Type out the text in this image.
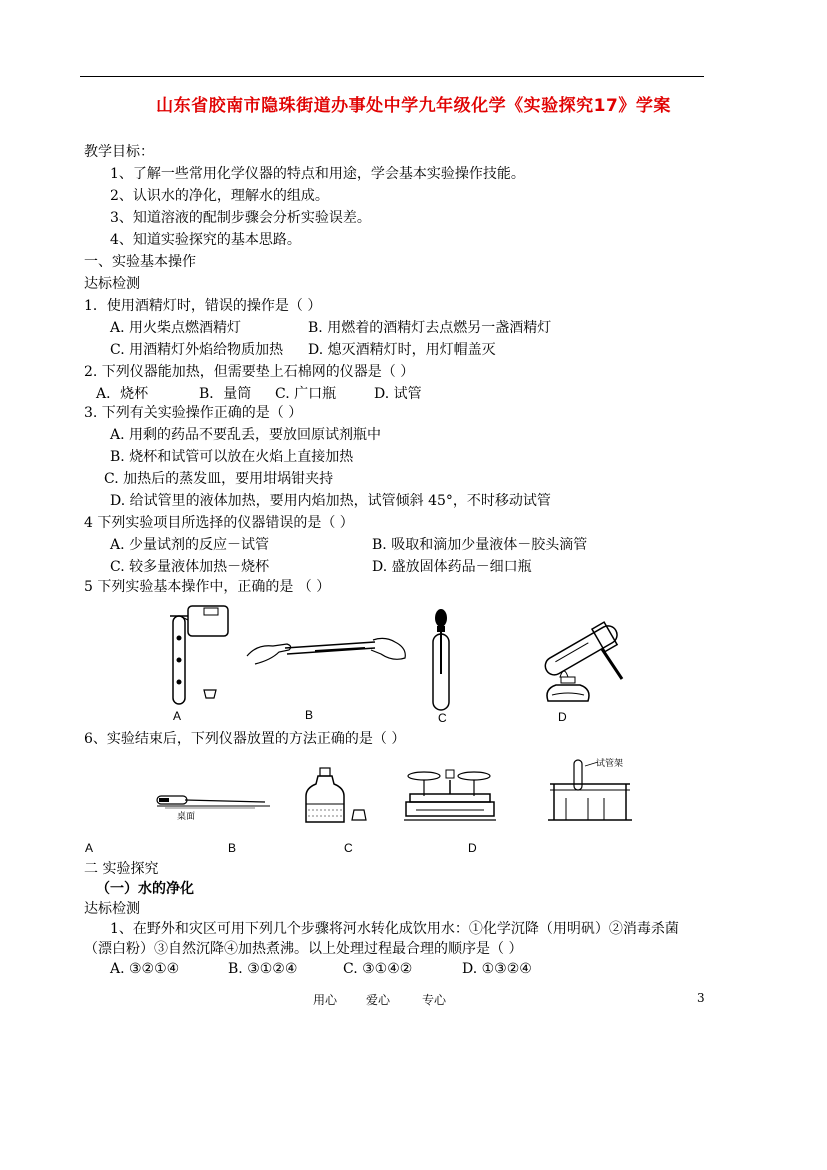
山东省胶南市隐珠街道办事处中学九年级化学《实验探究17》学案
教学目标：
1、了解一些常用化学仪器的特点和用途，学会基本实验操作技能。
2、认识水的净化，理解水的组成。
3、知道溶液的配制步骤会分析实验误差。
4、知道实验探究的基本思路。
一、实验基本操作
达标检测
1．使用酒精灯时，错误的操作是（ ）
A. 用火柴点燃酒精灯	B. 用燃着的酒精灯去点燃另一盏酒精灯
C. 用酒精灯外焰给物质加热 D. 熄灭酒精灯时，用灯帽盖灭
2. 下列仪器能加热，但需要垫上石棉网的仪器是（ ）
A．烧杯	B．量筒 C. 广口瓶	D. 试管
3. 下列有关实验操作正确的是（ ）
A. 用剩的药品不要乱丢，要放回原试剂瓶中
B. 烧杯和试管可以放在火焰上直接加热
C. 加热后的蒸发皿，要用坩埚钳夹持
D. 给试管里的液体加热，要用内焰加热，试管倾斜 45°，不时移动试管
4 下列实验项目所选择的仪器错误的是（ ）
A. 少量试剂的反应－试管	B. 吸取和滴加少量液体－胶头滴管
C. 较多量液体加热－烧杯	D. 盛放固体药品－细口瓶
5 下列实验基本操作中，正确的是 （ ）
A	B	C	D
6、实验结束后，下列仪器放置的方法正确的是（ ）
桌面
A	C
B
试管架
D
二 实验探究
（一）水的净化
达标检测
1、在野外和灾区可用下列几个步骤将河水转化成饮用水：①化学沉降（用明矾）②消毒杀菌
（漂白粉）③自然沉降④加热煮沸。以上处理过程最合理的顺序是（ ）
A. ③②①④	B. ③①②④	C. ③①④②	D. ①③②④
用心 爱心	专心	3
